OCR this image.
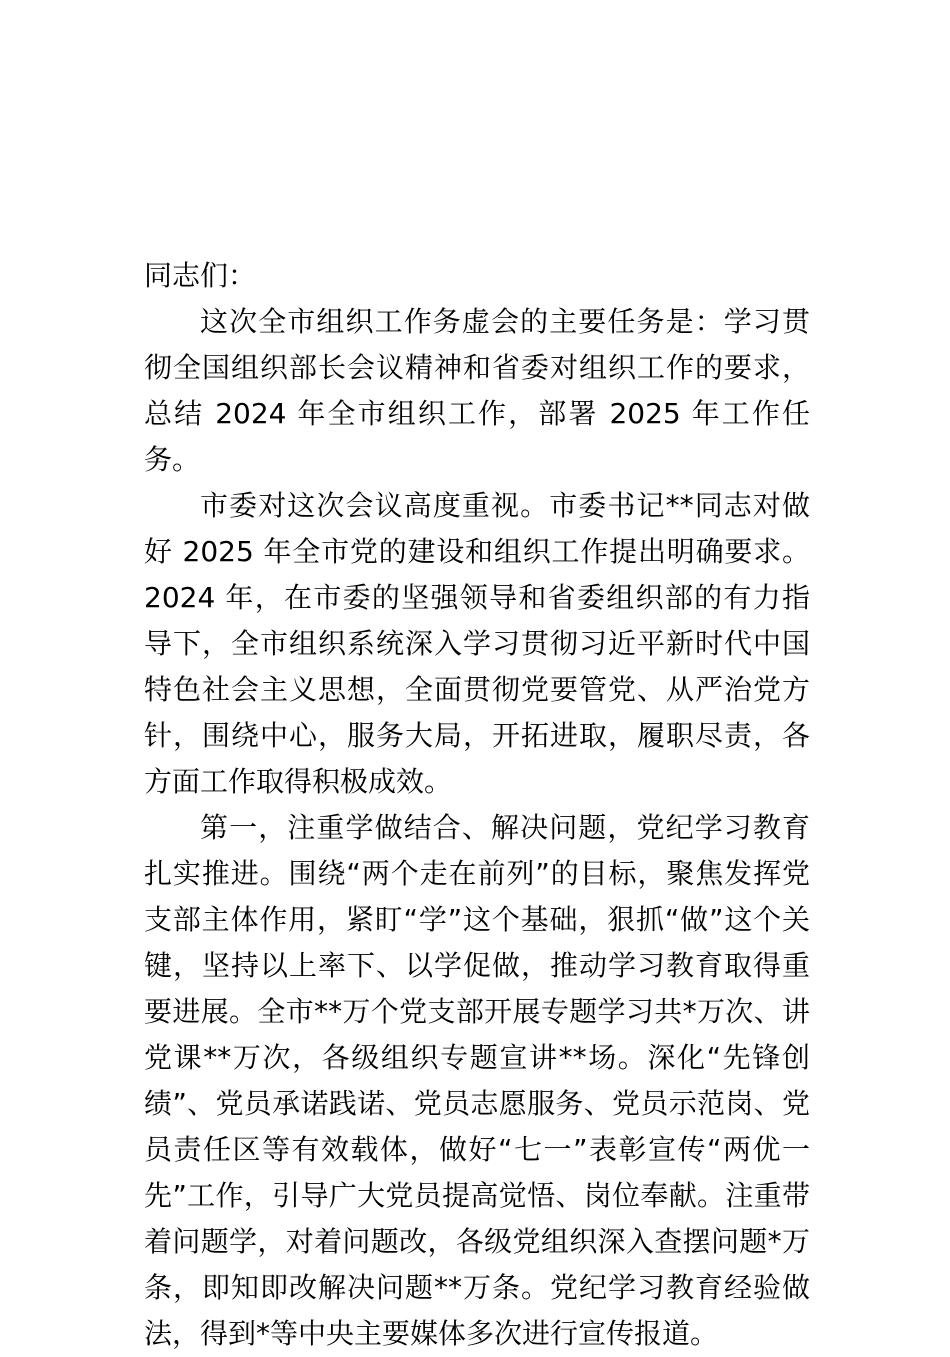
同志们：

这次全市组织工作务虚会的主要任务是：学习贯彻全国组织部长会议精神和省委对组织工作的要求，总结 2024 年全市组织工作，部署 2025 年工作任务。

市委对这次会议高度重视。市委书记**同志对做好 2025 年全市党的建设和组织工作提出明确要求。2024 年，在市委的坚强领导和省委组织部的有力指导下，全市组织系统深入学习贯彻习近平新时代中国特色社会主义思想，全面贯彻党要管党、从严治党方针，围绕中心，服务大局，开拓进取，履职尽责，各方面工作取得积极成效。

第一，注重学做结合、解决问题，党纪学习教育扎实推进。围绕“两个走在前列”的目标，聚焦发挥党支部主体作用，紧盯“学”这个基础，狠抓“做”这个关键，坚持以上率下、以学促做，推动学习教育取得重要进展。全市**万个党支部开展专题学习共*万次、讲党课**万次，各级组织专题宣讲**场。深化“先锋创绩”、党员承诺践诺、党员志愿服务、党员示范岗、党员责任区等有效载体，做好“七一”表彰宣传“两优一先”工作，引导广大党员提高觉悟、岗位奉献。注重带着问题学，对着问题改，各级党组织深入查摆问题*万条，即知即改解决问题**万条。党纪学习教育经验做法，得到*等中央主要媒体多次进行宣传报道。
